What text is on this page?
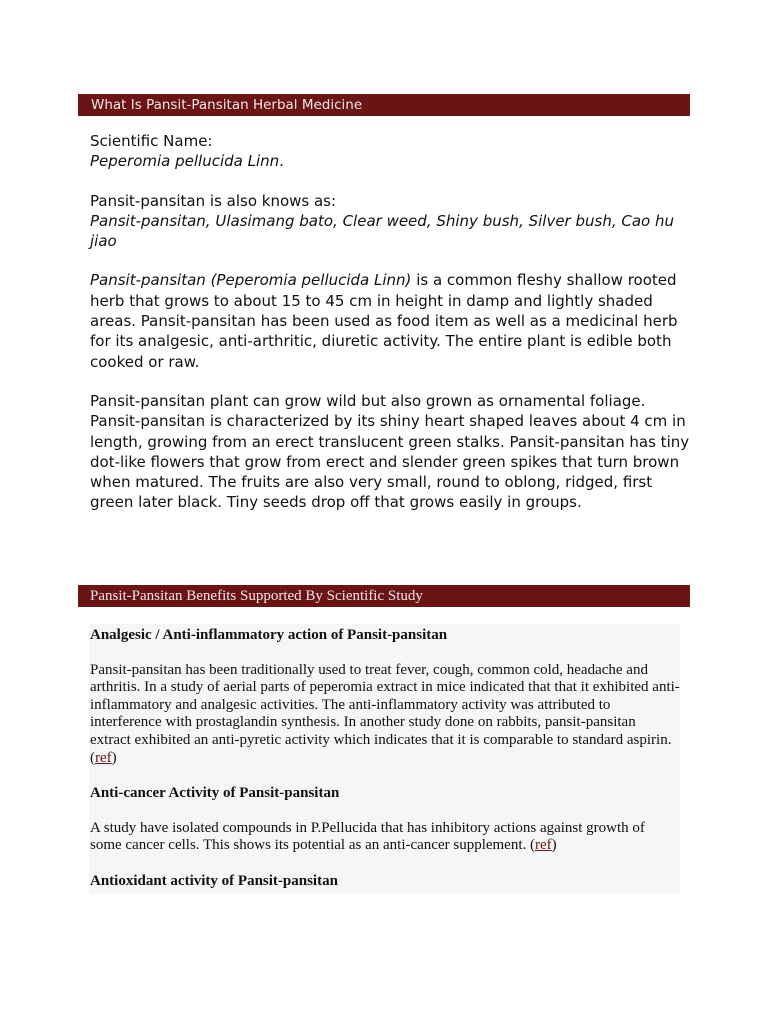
What Is Pansit-Pansitan Herbal Medicine

Scientific Name:
Peperomia pellucida Linn.

Pansit-pansitan is also knows as:
Pansit-pansitan, Ulasimang bato, Clear weed, Shiny bush, Silver bush, Cao hu jiao

Pansit-pansitan (Peperomia pellucida Linn) is a common fleshy shallow rooted herb that grows to about 15 to 45 cm in height in damp and lightly shaded areas. Pansit-pansitan has been used as food item as well as a medicinal herb for its analgesic, anti-arthritic, diuretic activity. The entire plant is edible both cooked or raw.

Pansit-pansitan plant can grow wild but also grown as ornamental foliage. Pansit-pansitan is characterized by its shiny heart shaped leaves about 4 cm in length, growing from an erect translucent green stalks. Pansit-pansitan has tiny dot-like flowers that grow from erect and slender green spikes that turn brown when matured. The fruits are also very small, round to oblong, ridged, first green later black. Tiny seeds drop off that grows easily in groups.

Pansit-Pansitan Benefits Supported By Scientific Study
Analgesic / Anti-inflammatory action of Pansit-pansitan

Pansit-pansitan has been traditionally used to treat fever, cough, common cold, headache and arthritis. In a study of aerial parts of peperomia extract in mice indicated that that it exhibited anti-inflammatory and analgesic activities. The anti-inflammatory activity was attributed to interference with prostaglandin synthesis. In another study done on rabbits, pansit-pansitan extract exhibited an anti-pyretic activity which indicates that it is comparable to standard aspirin. (ref)

Anti-cancer Activity of Pansit-pansitan

A study have isolated compounds in P.Pellucida that has inhibitory actions against growth of some cancer cells. This shows its potential as an anti-cancer supplement. (ref)

Antioxidant activity of Pansit-pansitan
